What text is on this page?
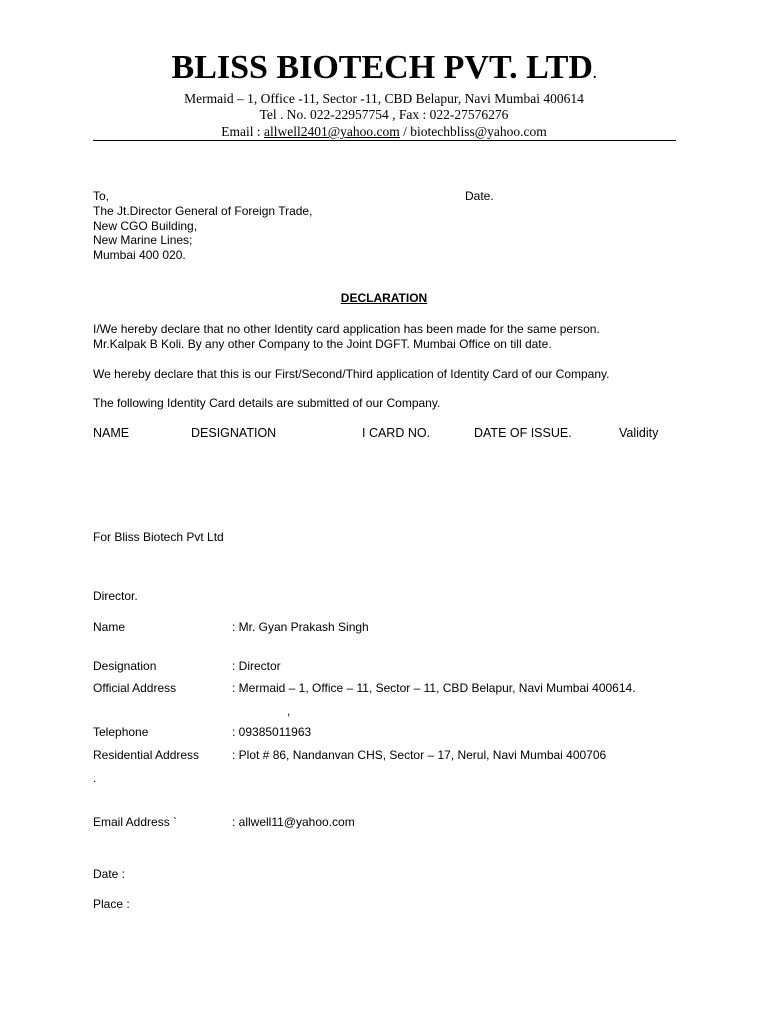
BLISS BIOTECH PVT. LTD.
Mermaid – 1, Office -11, Sector -11, CBD Belapur, Navi Mumbai 400614
Tel . No. 022-22957754 , Fax : 022-27576276
Email : allwell2401@yahoo.com / biotechbliss@yahoo.com
To,	Date.
The Jt.Director General of Foreign Trade,
New CGO Building,
New Marine Lines;
Mumbai 400 020.
DECLARATION
I/We hereby declare that no other Identity card application has been made for the same person.
Mr.Kalpak B Koli. By any other Company to the Joint DGFT. Mumbai Office on till date.
We hereby declare that this is our First/Second/Third application of Identity Card of our Company.
The following Identity Card details are submitted of our Company.
NAME	DESIGNATION	I CARD NO.	DATE OF ISSUE.	Validity
For Bliss Biotech Pvt Ltd
Director.
Name	: Mr. Gyan Prakash Singh
Designation	: Director
Official Address	: Mermaid – 1, Office – 11, Sector – 11, CBD Belapur, Navi Mumbai 400614.
,
Telephone	: 09385011963
Residential Address	: Plot # 86, Nandanvan CHS, Sector – 17, Nerul, Navi Mumbai 400706
.
Email Address `	: allwell11@yahoo.com
Date :
Place :
